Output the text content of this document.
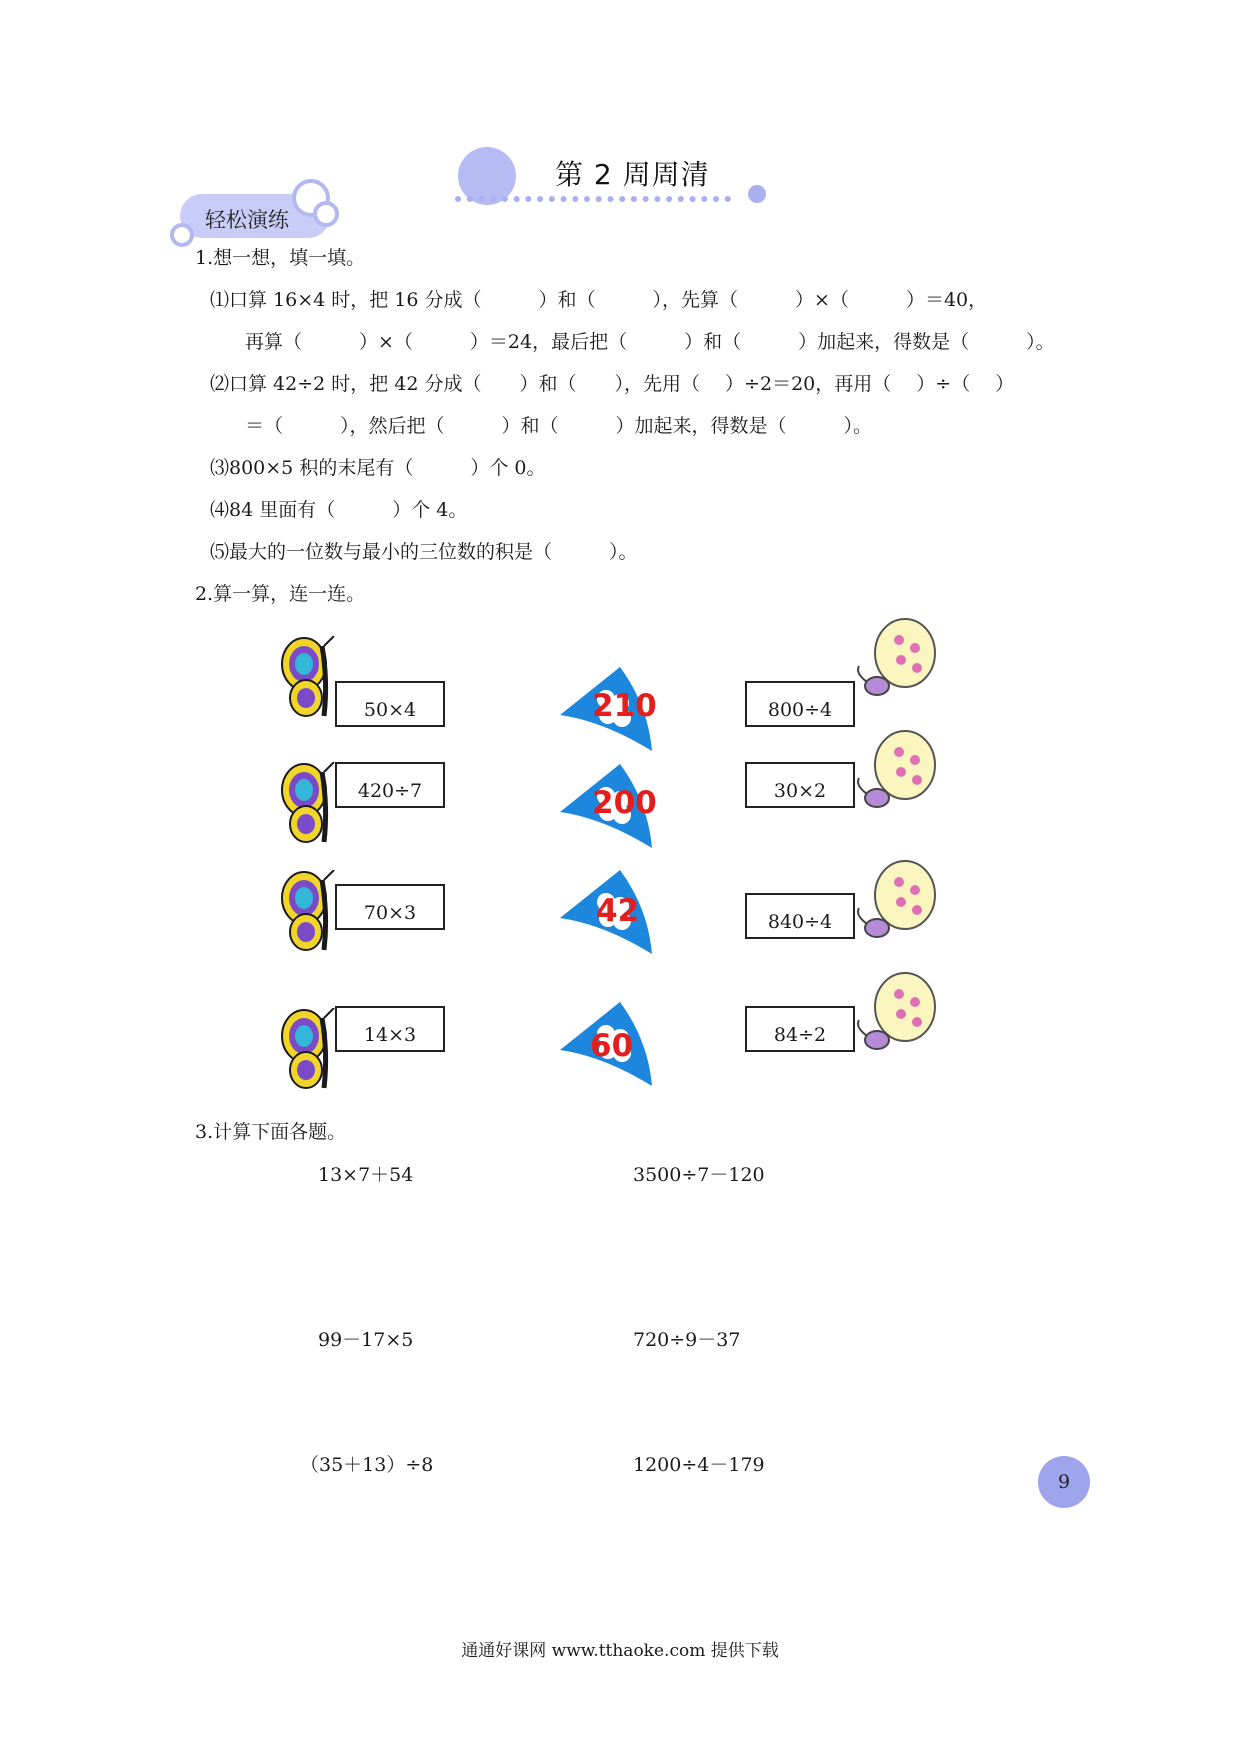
第 2 周周清
轻松演练
1.想一想，填一填。
⑴口算 16×4 时，把 16 分成（　　　）和（　　　），先算（　　　）×（　　　）＝40，
再算（　　　）×（　　　）＝24，最后把（　　　）和（　　　）加起来，得数是（　　　）。
⑵口算 42÷2 时，把 42 分成（　　）和（　　），先用（　 ）÷2＝20，再用（　 ）÷（　 ）
＝（　　　），然后把（　　　）和（　　　）加起来，得数是（　　　）。
⑶800×5 积的末尾有（　　　）个 0。
⑷84 里面有（　　　）个 4。
⑸最大的一位数与最小的三位数的积是（　　　）。
2.算一算，连一连。
50×4	210	800÷4
420÷7	200	30×2
70×3	42	840÷4
14×3	60	84÷2
3.计算下面各题。
13×7＋54	3500÷7－120
99－17×5	720÷9－37
（35＋13）÷8	1200÷4－179
9
通通好课网 www.tthaoke.com 提供下载
